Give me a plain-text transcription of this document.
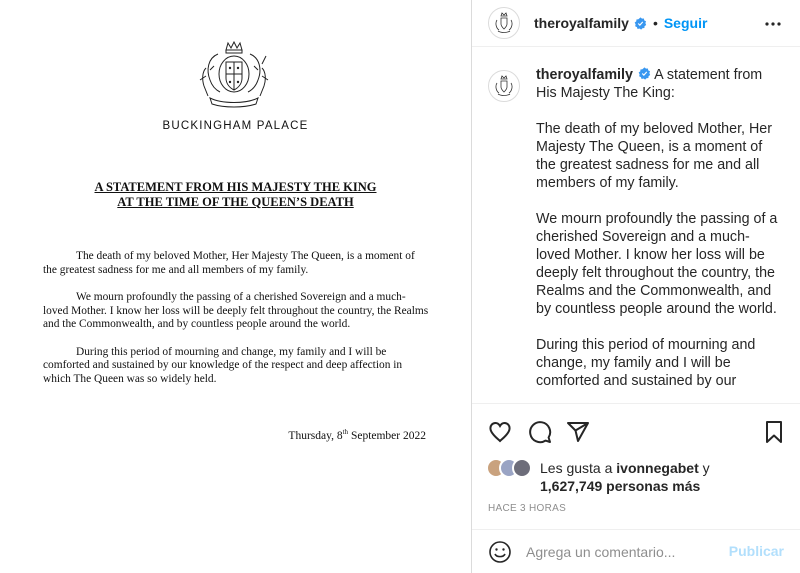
BUCKINGHAM PALACE
A STATEMENT FROM HIS MAJESTY THE KING
AT THE TIME OF THE QUEEN’S DEATH

The death of my beloved Mother, Her Majesty The Queen, is a moment of the greatest sadness for me and all members of my family.

We mourn profoundly the passing of a cherished Sovereign and a much-loved Mother. I know her loss will be deeply felt throughout the country, the Realms and the Commonwealth, and by countless people around the world.

During this period of mourning and change, my family and I will be comforted and sustained by our knowledge of the respect and deep affection in which The Queen was so widely held.

Thursday, 8th September 2022
theroyalfamily • Seguir

theroyalfamily A statement from His Majesty The King:

The death of my beloved Mother, Her Majesty The Queen, is a moment of the greatest sadness for me and all members of my family.

We mourn profoundly the passing of a cherished Sovereign and a much-loved Mother. I know her loss will be deeply felt throughout the country, the Realms and the Commonwealth, and by countless people around the world.

During this period of mourning and change, my family and I will be comforted and sustained by our

Les gusta a ivonnegabet y
1,627,749 personas más
HACE 3 HORAS
Agrega un comentario...
Publicar
